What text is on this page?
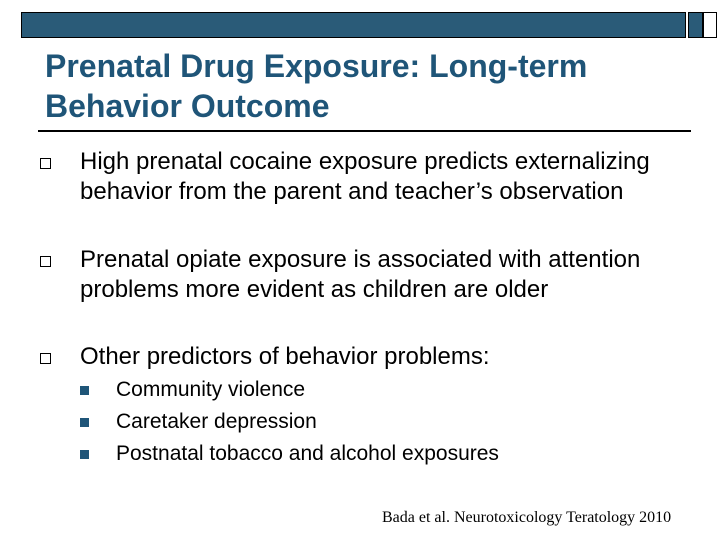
Prenatal Drug Exposure: Long-term Behavior Outcome
High prenatal cocaine exposure predicts externalizing behavior from the parent and teacher’s observation
Prenatal opiate exposure is associated with attention problems more evident as children are older
Other predictors of behavior problems:
Community violence
Caretaker depression
Postnatal tobacco and alcohol exposures
Bada et al. Neurotoxicology Teratology 2010
